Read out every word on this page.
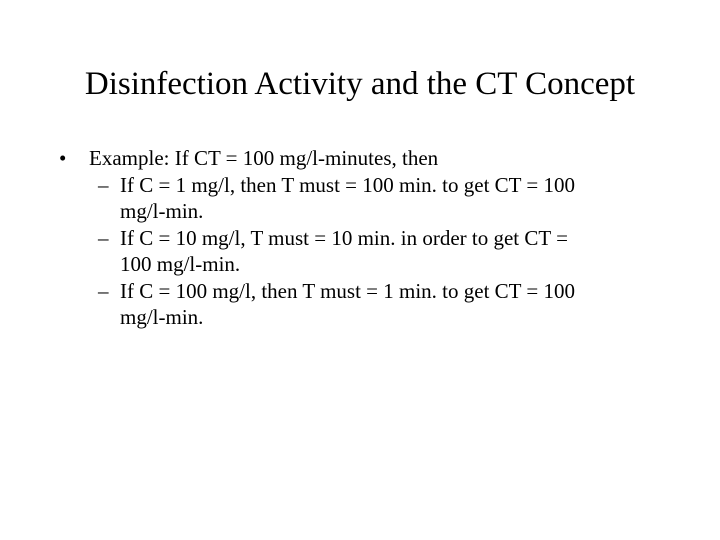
Disinfection Activity and the CT Concept
• Example: If CT = 100 mg/l-minutes, then
– If C = 1 mg/l, then T must = 100 min. to get CT = 100
mg/l-min.
– If C = 10 mg/l, T must = 10 min. in order to get CT =
100 mg/l-min.
– If C = 100 mg/l, then T must = 1 min. to get CT = 100
mg/l-min.
